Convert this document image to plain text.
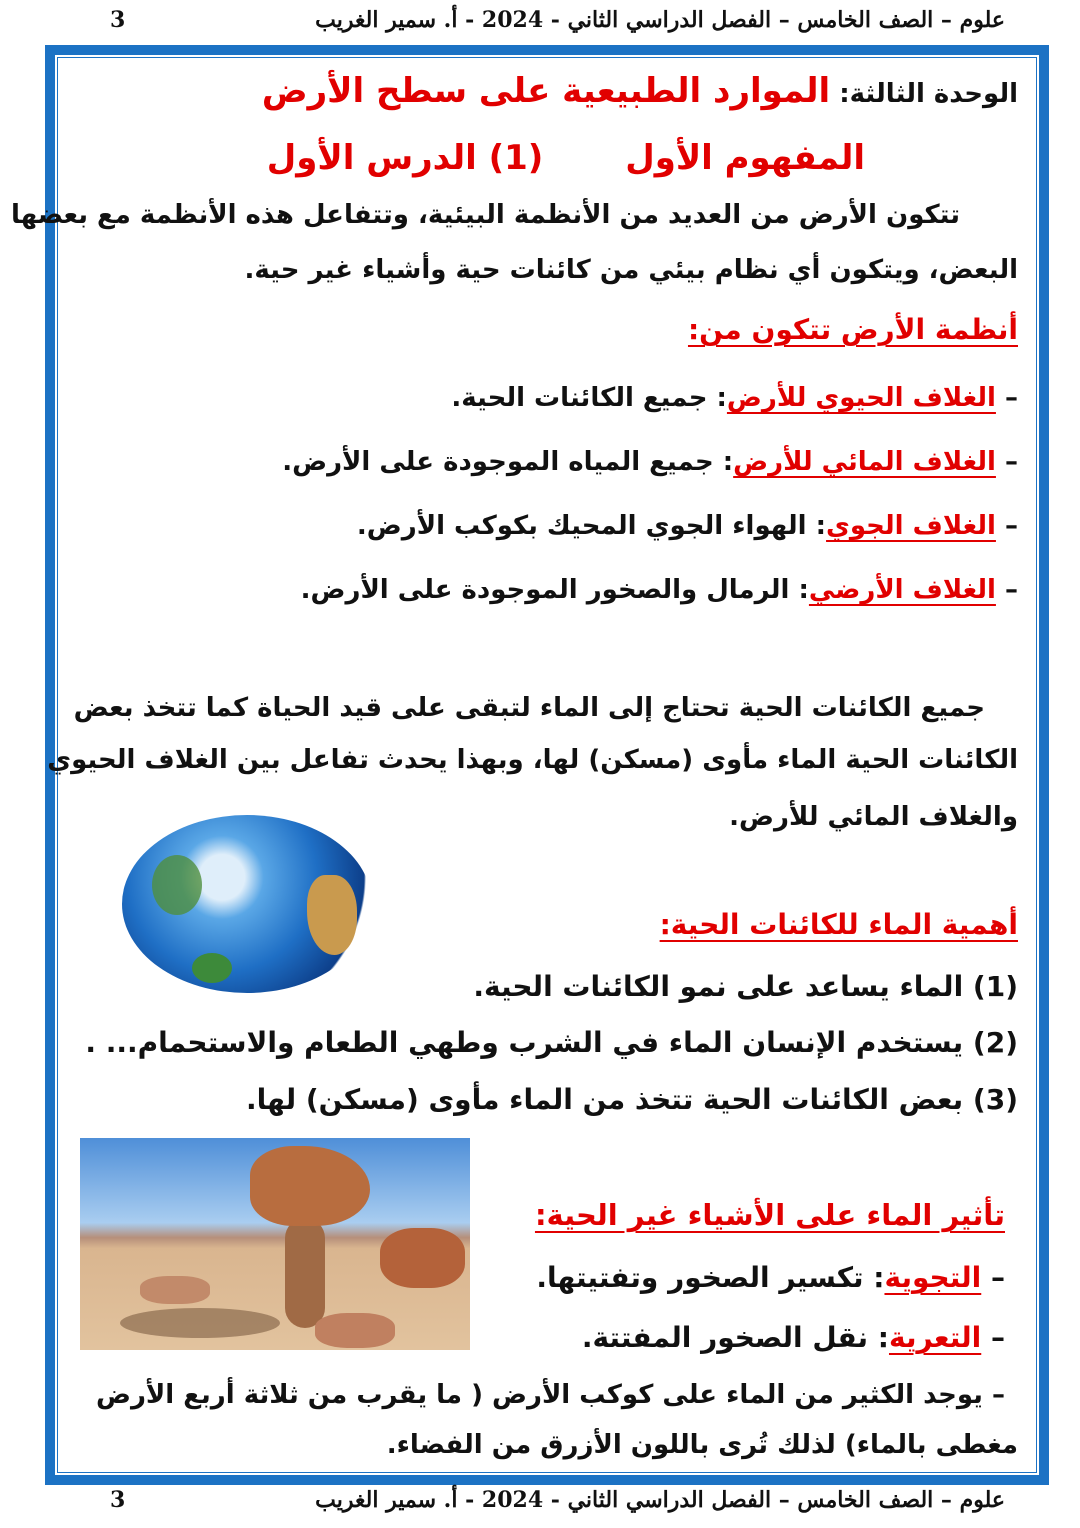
علوم – الصف الخامس – الفصل الدراسي الثاني - 2024 - أ. سمير الغريب
3
الوحدة الثالثة: الموارد الطبيعية على سطح الأرض
المفهوم الأول (1) الدرس الأول
تتكون الأرض من العديد من الأنظمة البيئية، وتتفاعل هذه الأنظمة مع بعضها
البعض، ويتكون أي نظام بيئي من كائنات حية وأشياء غير حية.
أنظمة الأرض تتكون من:
– الغلاف الحيوي للأرض: جميع الكائنات الحية.
– الغلاف المائي للأرض: جميع المياه الموجودة على الأرض.
– الغلاف الجوي: الهواء الجوي المحيك بكوكب الأرض.
– الغلاف الأرضي: الرمال والصخور الموجودة على الأرض.
جميع الكائنات الحية تحتاج إلى الماء لتبقى على قيد الحياة كما تتخذ بعض
الكائنات الحية الماء مأوى (مسكن) لها، وبهذا يحدث تفاعل بين الغلاف الحيوي
والغلاف المائي للأرض.
أهمية الماء للكائنات الحية:
(1) الماء يساعد على نمو الكائنات الحية.
(2) يستخدم الإنسان الماء في الشرب وطهي الطعام والاستحمام... .
(3) بعض الكائنات الحية تتخذ من الماء مأوى (مسكن) لها.
تأثير الماء على الأشياء غير الحية:
– التجوية: تكسير الصخور وتفتيتها.
– التعرية: نقل الصخور المفتتة.
– يوجد الكثير من الماء على كوكب الأرض ( ما يقرب من ثلاثة أربع الأرض
مغطى بالماء) لذلك تُرى باللون الأزرق من الفضاء.
علوم – الصف الخامس – الفصل الدراسي الثاني - 2024 - أ. سمير الغريب
3
